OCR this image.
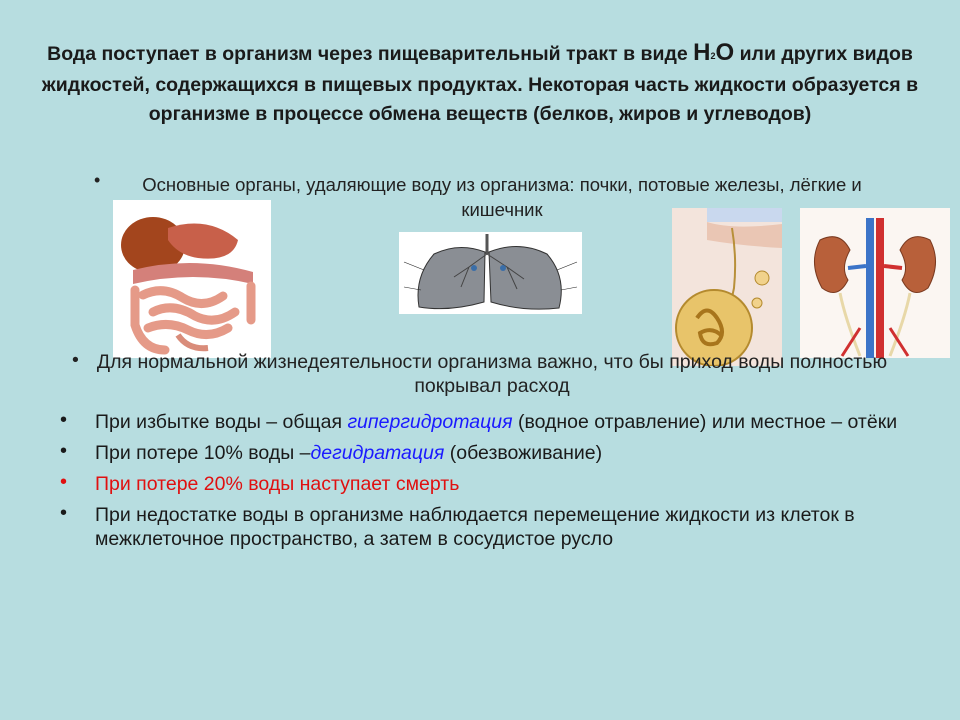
Вода поступает в организм через пищеварительный тракт в виде $Н_2О$ или других видов жидкостей, содержащихся в пищевых продуктах. Некоторая часть жидкости образуется в организме в процессе обмена веществ (белков, жиров и углеводов)
•	Основные органы, удаляющие воду из организма: почки, потовые железы, лёгкие и кишечник
• Для нормальной жизнедеятельности организма важно, что бы приход воды полностью покрывал расход
• При избытке воды – общая гипергидротация (водное отравление) или местное – отёки
• При потере 10% воды –дегидратация (обезвоживание)
• При потере 20% воды наступает смерть
• При недостатке воды в организме наблюдается перемещение жидкости из клеток в межклеточное пространство, а затем в сосудистое русло
